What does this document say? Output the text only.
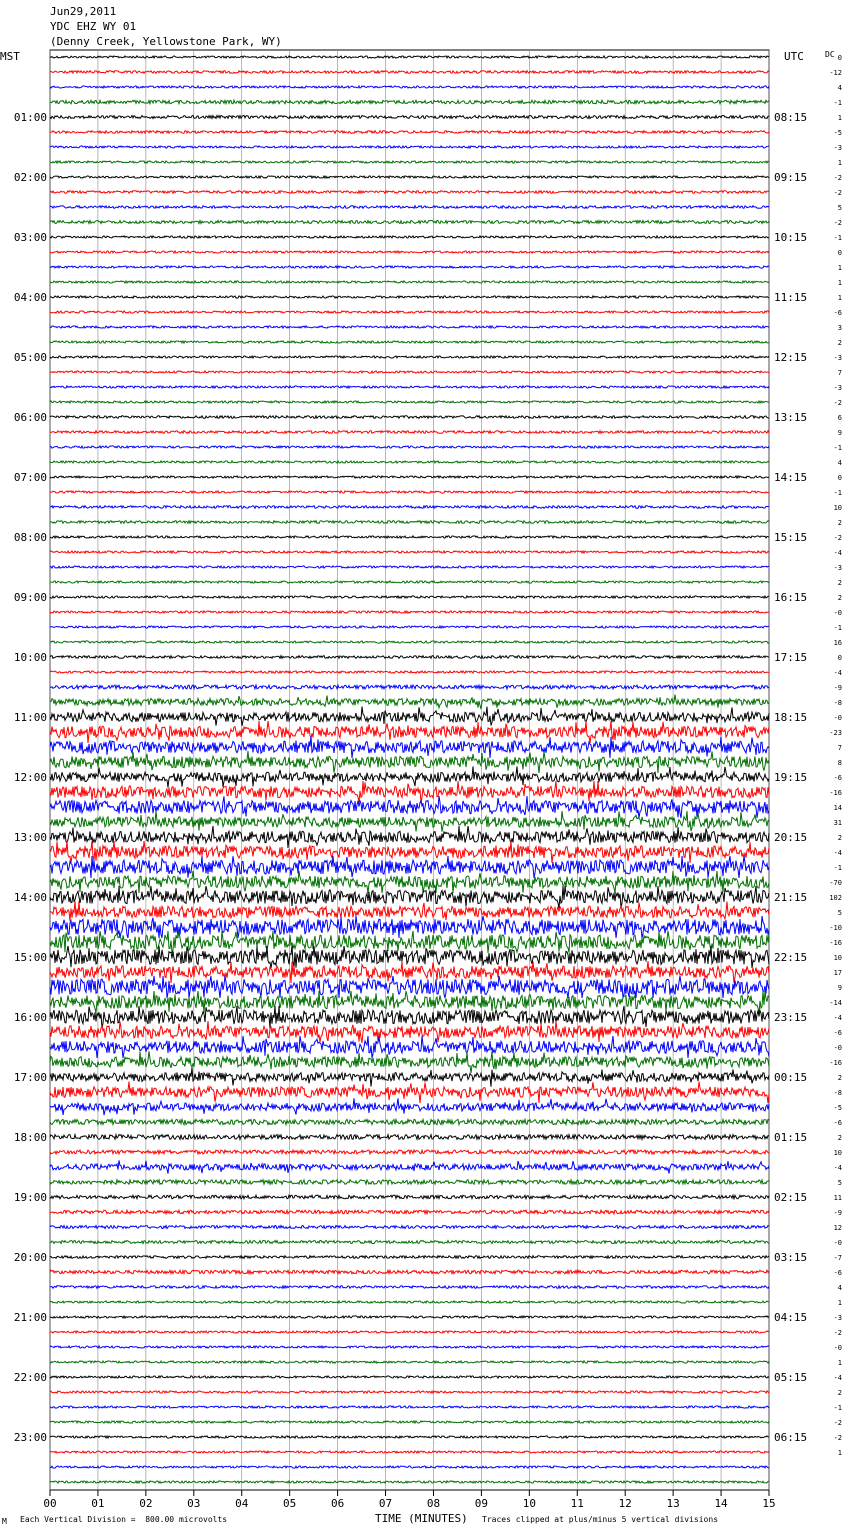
Jun29,2011
YDC EHZ WY 01
(Denny Creek, Yellowstone Park, WY)
MST	UTC	DC
00	01	02	03	04	05	06	07	08	09	10	11	12	13	14	15
0
-12
4
-1
1
-5
-3
1
-2
-2
5
-2
-1
0
1
1
1
-6
3
2
-3
7
-3
-2
6
9
-1
4
0
-1
10
2
-2
-4
-3
2
2
-0
-1
16
0
-4
-9
-8
-0
-23
7
8
-6
-16
14
31
2
-4
-1
-70
102
5
-10
-16
10
17
9
-14
-4
-6
-0
-16
2
-8
-5
-6
2
10
-4
5
11
-9
12
-0
-7
-6
4
1
-3
-2
-0
1
-4
2
-1
-2
-2
1
01:00
02:00
03:00
04:00
05:00
06:00
07:00
08:00
09:00
10:00
11:00
12:00
13:00
14:00
15:00
16:00
17:00
18:00
19:00
20:00
21:00
22:00
23:00
08:15
09:15
10:15
11:15
12:15
13:15
14:15
15:15
16:15
17:15
18:15
19:15
20:15
21:15
22:15
23:15
00:15
01:15
02:15
03:15
04:15
05:15
06:15
M Each Vertical Division =  800.00 microvolts	TIME (MINUTES) Traces clipped at plus/minus 5 vertical divisions
